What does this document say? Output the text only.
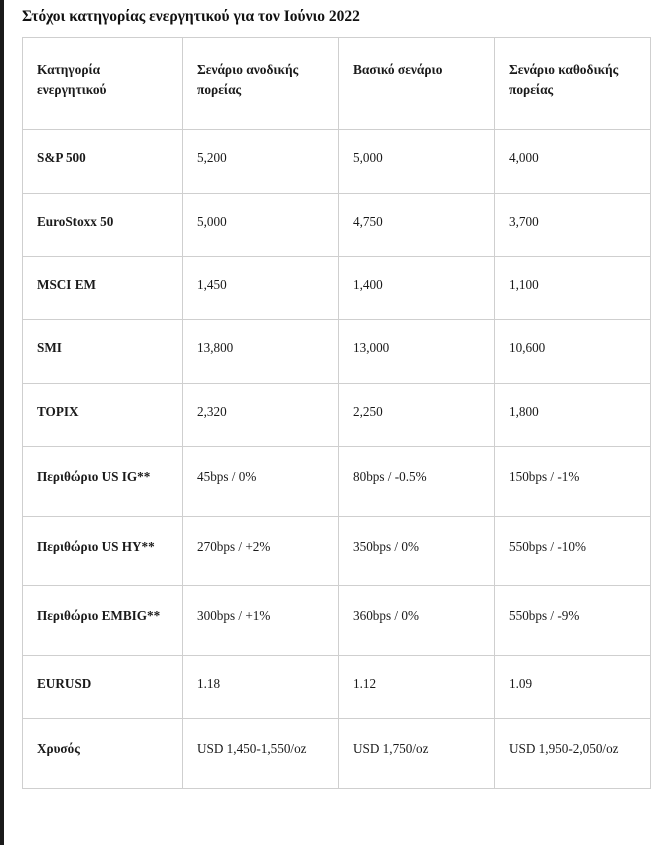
Στόχοι κατηγορίας ενεργητικού για τον Ιούνιο 2022
Κατηγορία ενεργητικού	Σενάριο ανοδικής πορείας	Βασικό σενάριο	Σενάριο καθοδικής πορείας
S&P 500	5,200	5,000	4,000
EuroStoxx 50	5,000	4,750	3,700
MSCI EM	1,450	1,400	1,100
SMI	13,800	13,000	10,600
TOPIX	2,320	2,250	1,800
Περιθώριο US IG**	45bps / 0%	80bps / -0.5%	150bps / -1%
Περιθώριο US HY**	270bps / +2%	350bps / 0%	550bps / -10%
Περιθώριο EMBIG**	300bps / +1%	360bps / 0%	550bps / -9%
EURUSD	1.18	1.12	1.09
Χρυσός	USD 1,450-1,550/oz	USD 1,750/oz	USD 1,950-2,050/oz
